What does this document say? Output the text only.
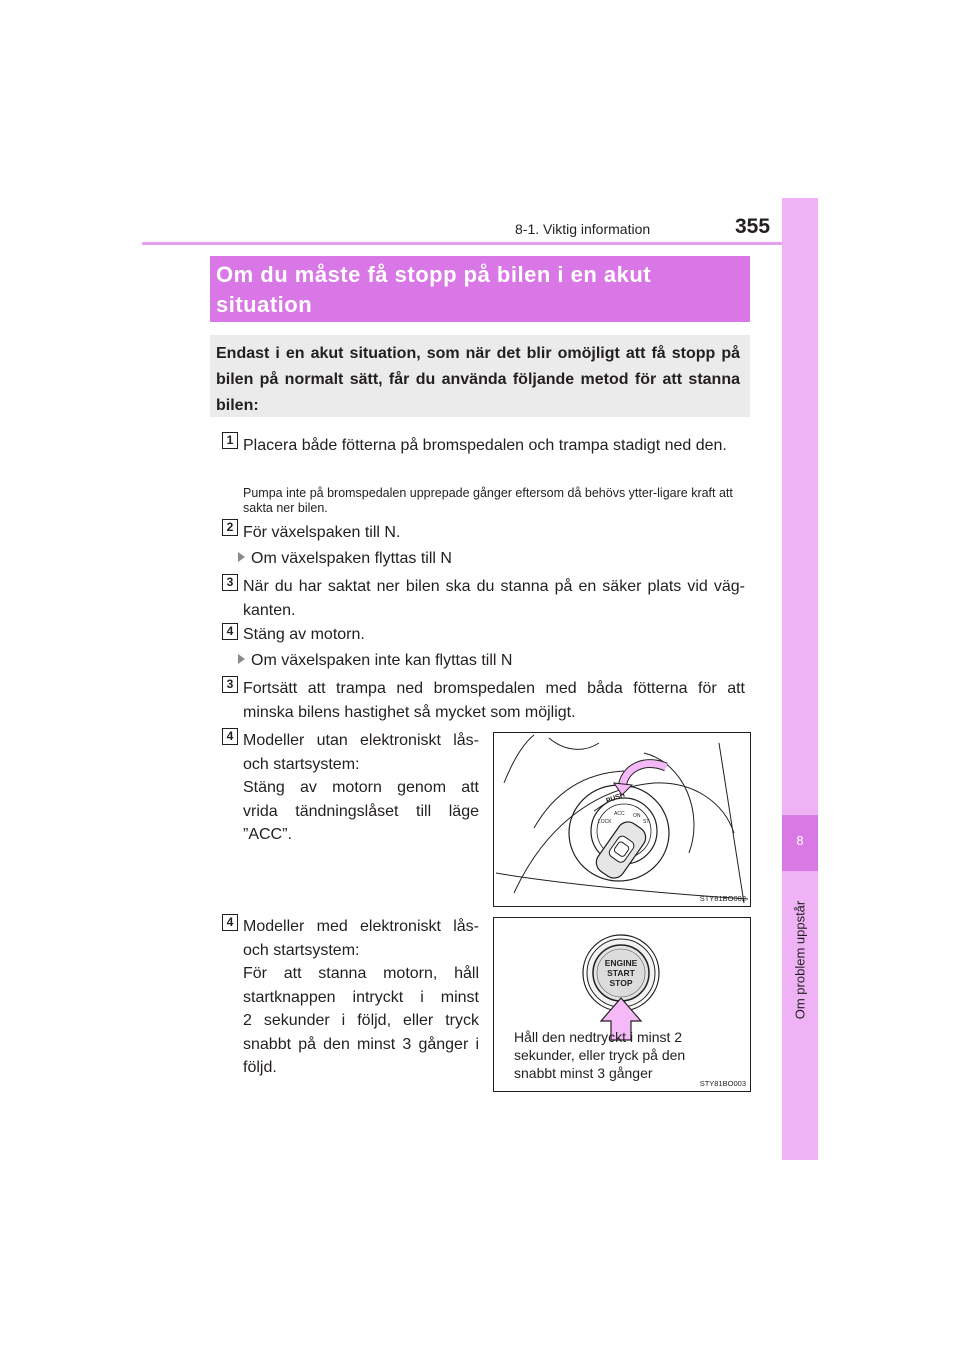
8-1. Viktig information	355
8
Om problem uppstår
Om du måste få stopp på bilen i en akut
situation
Endast i en akut situation, som när det blir omöjligt att få stopp på bilen på normalt sätt, får du använda följande metod för att stanna bilen:
1 Placera både fötterna på bromspedalen och trampa stadigt ned den.
Pumpa inte på bromspedalen upprepade gånger eftersom då behövs ytter-ligare kraft att sakta ner bilen.
2 För växelspaken till N.
Om växelspaken flyttas till N
3 När du har saktat ner bilen ska du stanna på en säker plats vid väg-kanten.
4 Stäng av motorn.
Om växelspaken inte kan flyttas till N
3 Fortsätt att trampa ned bromspedalen med båda fötterna för att minska bilens hastighet så mycket som möjligt.
4 Modeller utan elektroniskt lås-
och startsystem:
Stäng av motorn genom att
vrida tändningslåset till läge
”ACC”.
PUSH
LOCK
ACC ON
ST
STY81BO002
4 Modeller med elektroniskt lås-
och startsystem:
För att stanna motorn, håll
startknappen intryckt i minst
2 sekunder i följd, eller tryck
snabbt på den minst 3 gånger i
följd.
ENGINE
START
STOP
Håll den nedtryckt i minst 2
sekunder, eller tryck på den
snabbt minst 3 gånger
STY81BO003
